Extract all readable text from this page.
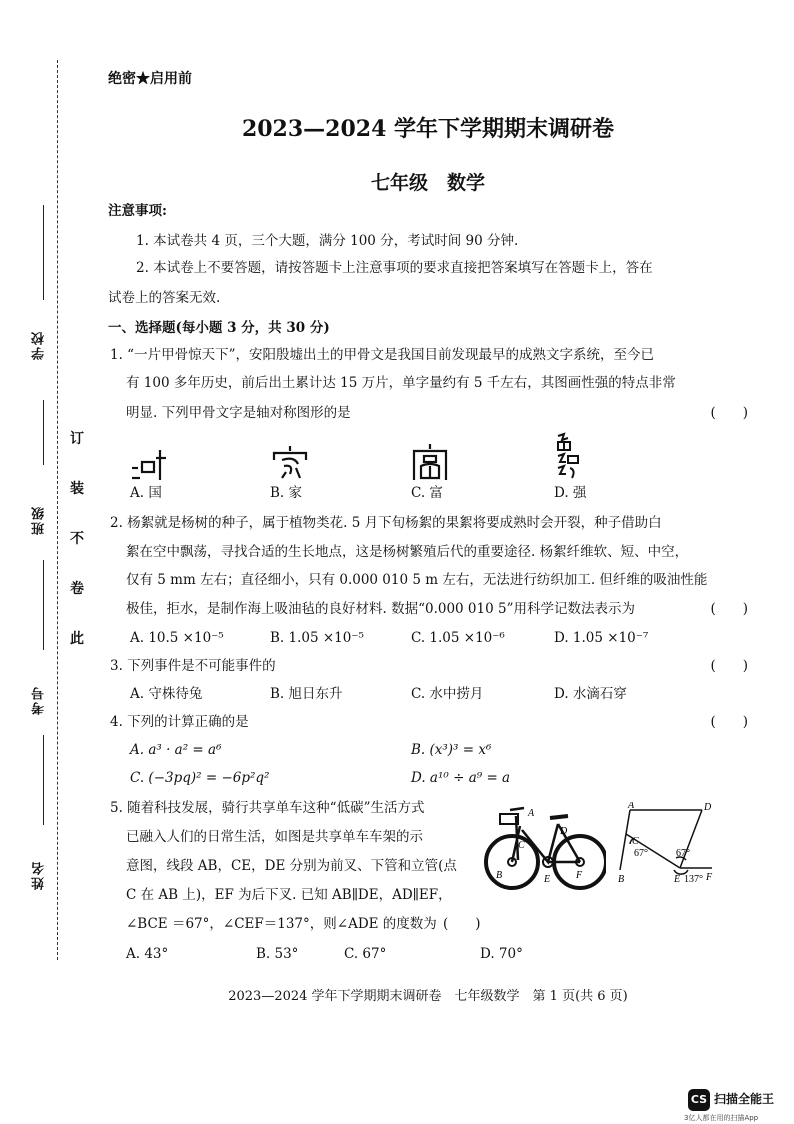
学校
班级
考号
姓名
订
装
不
卷
此
绝密★启用前
2023—2024 学年下学期期末调研卷
七年级　数学
注意事项:
1. 本试卷共 4 页，三个大题，满分 100 分，考试时间 90 分钟.
2. 本试卷上不要答题，请按答题卡上注意事项的要求直接把答案填写在答题卡上，答在
试卷上的答案无效.
一、选择题(每小题 3 分，共 30 分)
1. “一片甲骨惊天下”，安阳殷墟出土的甲骨文是我国目前发现最早的成熟文字系统，至今已
有 100 多年历史，前后出土累计达 15 万片，单字量约有 5 千左右，其图画性强的特点非常
明显. 下列甲骨文字是轴对称图形的是	(　　)
A. 国	B. 家	C. 富	D. 强
2. 杨絮就是杨树的种子，属于植物类花. 5 月下旬杨絮的果絮将要成熟时会开裂，种子借助白
絮在空中飘荡，寻找合适的生长地点，这是杨树繁殖后代的重要途径. 杨絮纤维软、短、中空，
仅有 5 mm 左右；直径细小，只有 0.000 010 5 m 左右，无法进行纺织加工. 但纤维的吸油性能
极佳，拒水，是制作海上吸油毡的良好材料. 数据“0.000 010 5”用科学记数法表示为	(　　)
A. 10.5 ×10⁻⁵	B. 1.05 ×10⁻⁵	C. 1.05 ×10⁻⁶	D. 1.05 ×10⁻⁷
3. 下列事件是不可能事件的	(　　)
A. 守株待兔	B. 旭日东升	C. 水中捞月	D. 水滴石穿
4. 下列的计算正确的是	(　　)
A. a³ · a² = a⁶	B. (x³)³ = x⁶
C. (−3pq)² = −6p²q²	D. a¹⁰ ÷ a⁹ = a
5. 随着科技发展，骑行共享单车这种“低碳”生活方式
已融入人们的日常生活，如图是共享单车车架的示
意图，线段 AB，CE，DE 分别为前叉、下管和立管(点
C 在 AB 上)，EF 为后下叉. 已知 AB∥DE，AD∥EF，
∠BCE ＝67°，∠CEF＝137°，则∠ADE 的度数为 (　　)
A. 43°	B. 53°	C. 67°	D. 70°
A
D
C
B	E	F
A	D
B
C
E	F
67°	67°
137°
2023—2024 学年下学期期末调研卷　七年级数学　第 1 页(共 6 页)
CS 扫描全能王
3亿人都在用的扫描App
